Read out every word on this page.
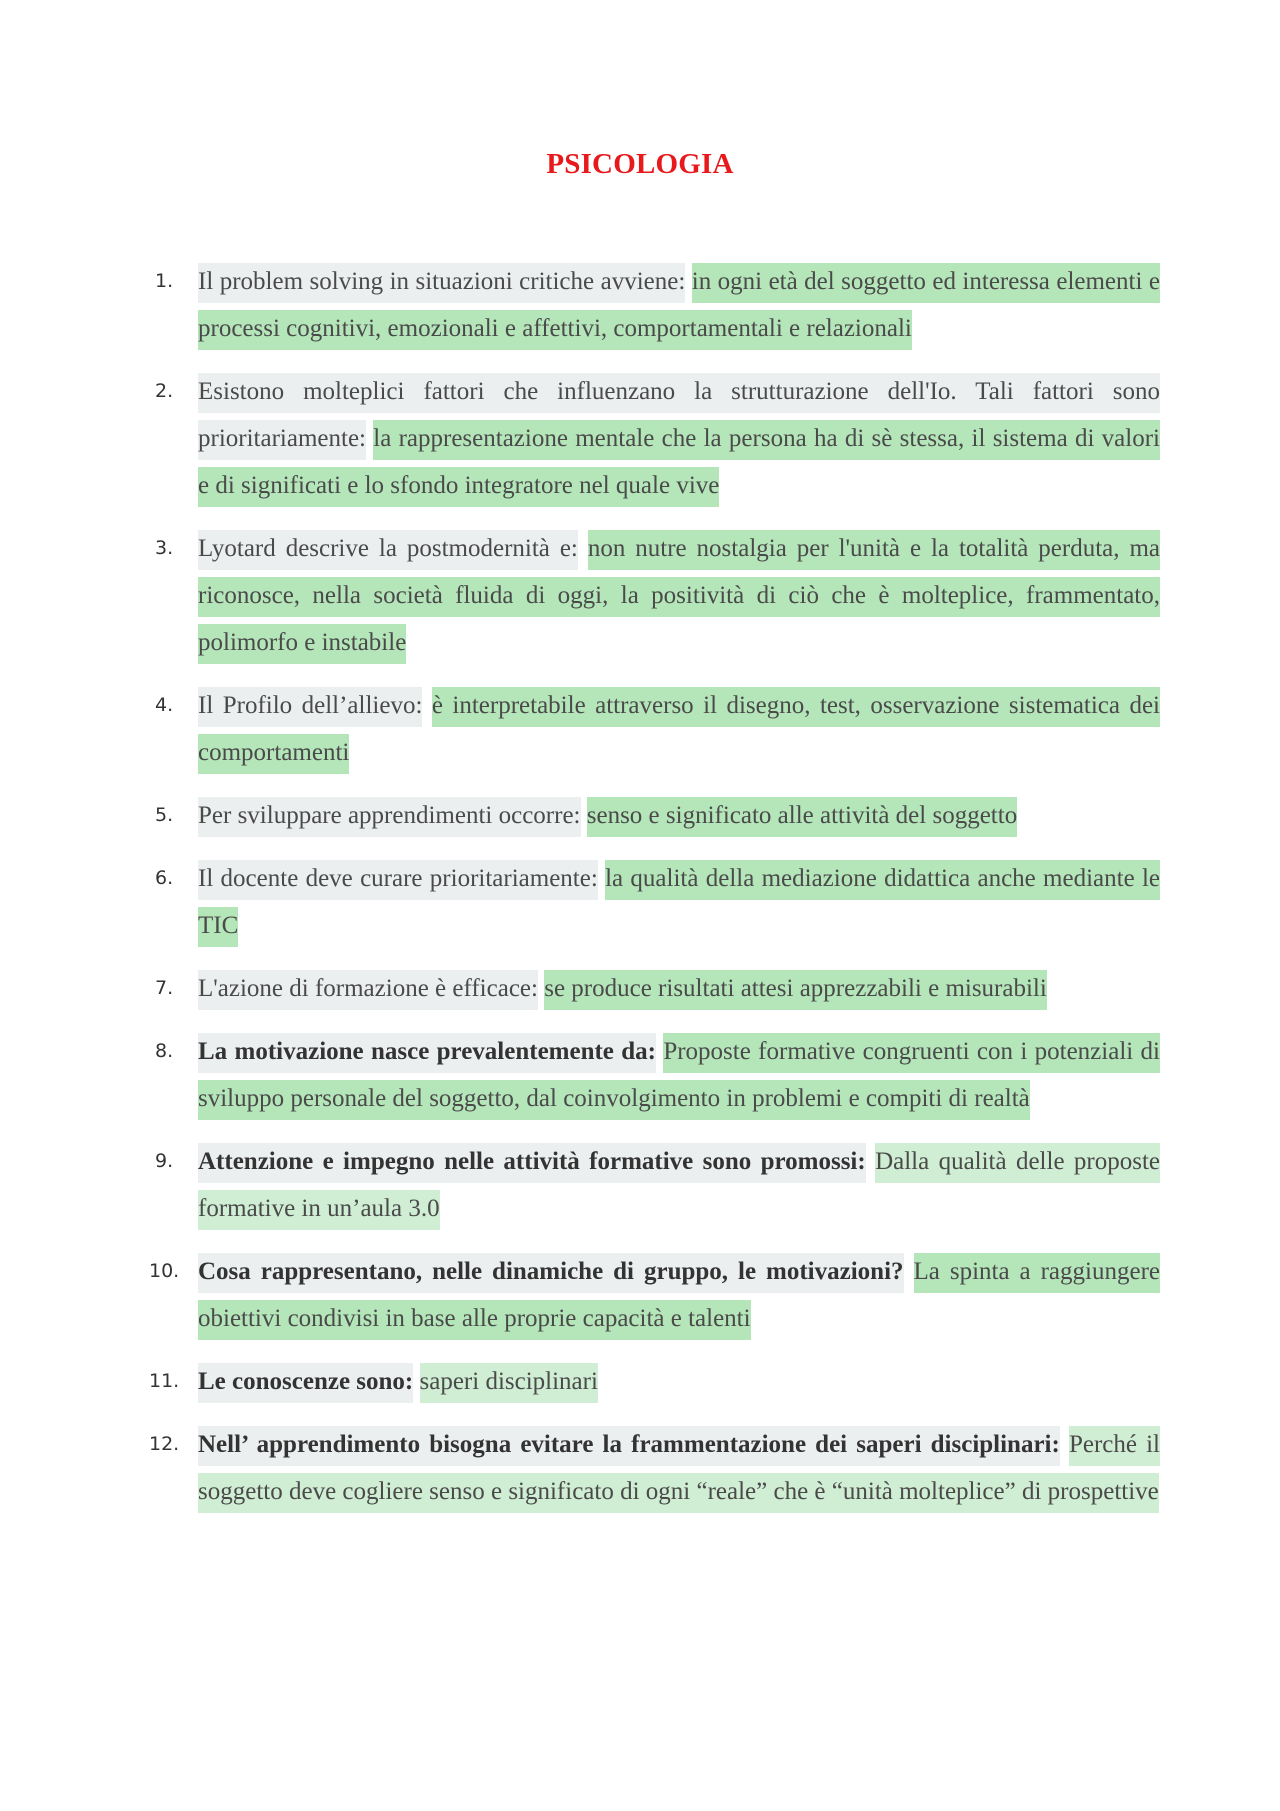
PSICOLOGIA
1. Il problem solving in situazioni critiche avviene: in ogni età del soggetto ed interessa elementi e processi cognitivi, emozionali e affettivi, comportamentali e relazionali
2. Esistono molteplici fattori che influenzano la strutturazione dell'Io. Tali fattori sono prioritariamente: la rappresentazione mentale che la persona ha di sè stessa, il sistema di valori e di significati e lo sfondo integratore nel quale vive
3. Lyotard descrive la postmodernità e: non nutre nostalgia per l'unità e la totalità perduta, ma riconosce, nella società fluida di oggi, la positività di ciò che è molteplice, frammentato, polimorfo e instabile
4. Il Profilo dell’allievo: è interpretabile attraverso il disegno, test, osservazione sistematica dei comportamenti
5. Per sviluppare apprendimenti occorre: senso e significato alle attività del soggetto
6. Il docente deve curare prioritariamente: la qualità della mediazione didattica anche mediante le TIC
7. L'azione di formazione è efficace: se produce risultati attesi apprezzabili e misurabili
8. La motivazione nasce prevalentemente da: Proposte formative congruenti con i potenziali di sviluppo personale del soggetto, dal coinvolgimento in problemi e compiti di realtà
9. Attenzione e impegno nelle attività formative sono promossi: Dalla qualità delle proposte formative in un’aula 3.0
10. Cosa rappresentano, nelle dinamiche di gruppo, le motivazioni? La spinta a raggiungere obiettivi condivisi in base alle proprie capacità e talenti
11. Le conoscenze sono: saperi disciplinari
12. Nell’ apprendimento bisogna evitare la frammentazione dei saperi disciplinari: Perché il soggetto deve cogliere senso e significato di ogni “reale” che è “unità molteplice” di prospettive
